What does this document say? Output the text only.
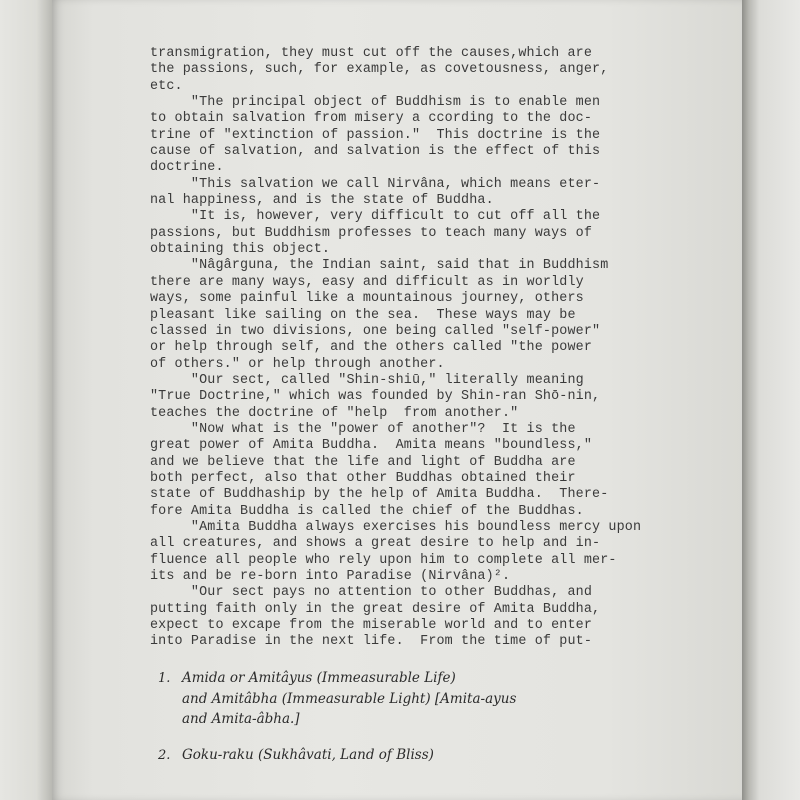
transmigration, they must cut off the causes,which are
the passions, such, for example, as covetousness, anger,
etc.
"The principal object of Buddhism is to enable men
to obtain salvation from misery a ccording to the doc-
trine of "extinction of passion."  This doctrine is the
cause of salvation, and salvation is the effect of this
doctrine.
"This salvation we call Nirvâna, which means eter-
nal happiness, and is the state of Buddha.
"It is, however, very difficult to cut off all the
passions, but Buddhism professes to teach many ways of
obtaining this object.
"Nâgârguna, the Indian saint, said that in Buddhism
there are many ways, easy and difficult as in worldly
ways, some painful like a mountainous journey, others
pleasant like sailing on the sea.  These ways may be
classed in two divisions, one being called "self-power"
or help through self, and the others called "the power
of others." or help through another.
"Our sect, called "Shin-shiū," literally meaning
"True Doctrine," which was founded by Shin-ran Shō-nin,
teaches the doctrine of "help  from another."
"Now what is the "power of another"?  It is the
great power of Amita Buddha.  Amita means "boundless,"
and we believe that the life and light of Buddha are
both perfect, also that other Buddhas obtained their
state of Buddhaship by the help of Amita Buddha.  There-
fore Amita Buddha is called the chief of the Buddhas.
"Amita Buddha always exercises his boundless mercy upon
all creatures, and shows a great desire to help and in-
fluence all people who rely upon him to complete all mer-
its and be re-born into Paradise (Nirvâna)².
"Our sect pays no attention to other Buddhas, and
putting faith only in the great desire of Amita Buddha,
expect to excape from the miserable world and to enter
into Paradise in the next life.  From the time of put-
1. Amida or Amitâyus (Immeasurable Life)
and Amitâbha (Immeasurable Light) [Amita-ayus
and Amita-âbha.]
2. Goku-raku (Sukhâvati, Land of Bliss)
